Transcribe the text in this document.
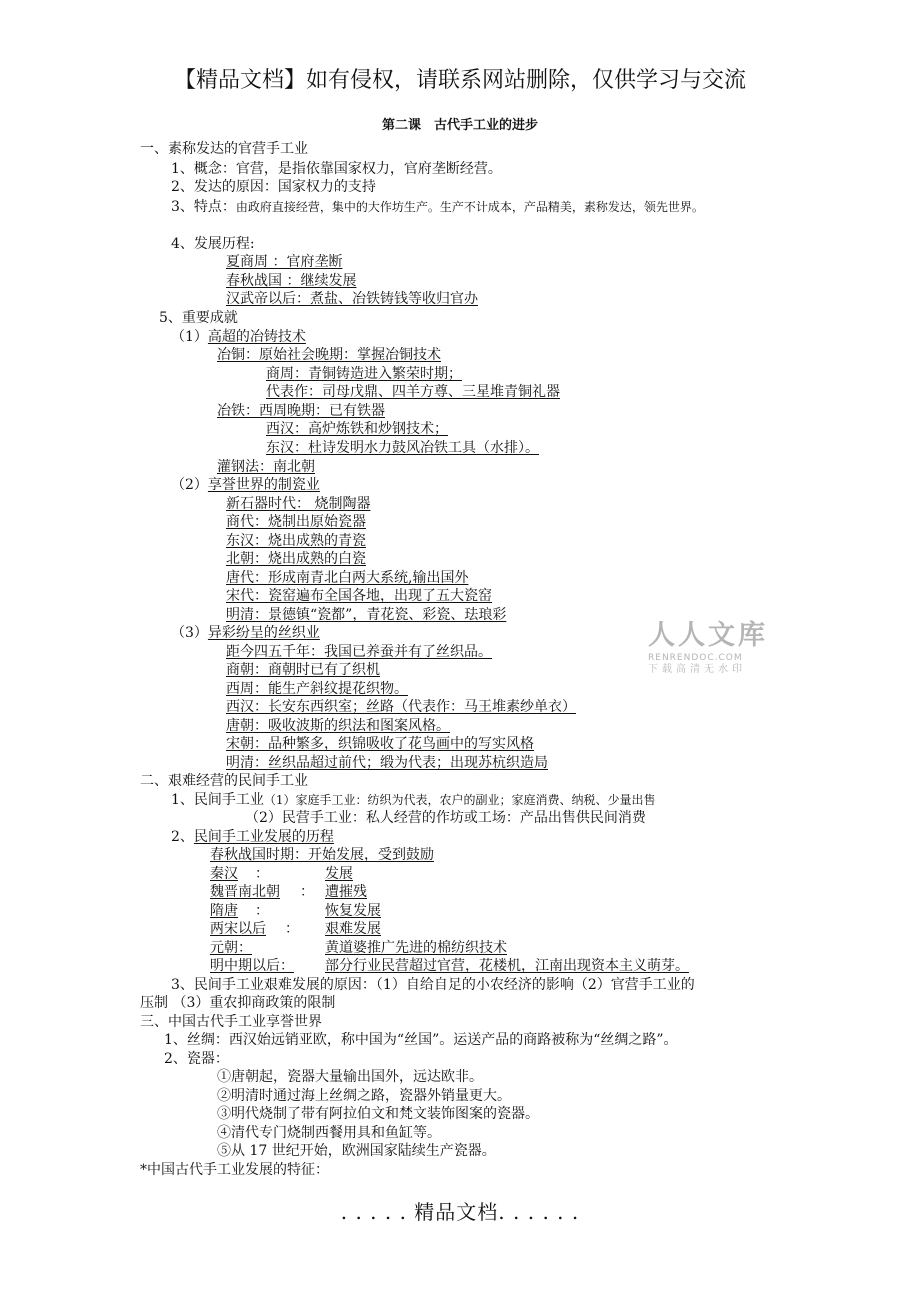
【精品文档】如有侵权，请联系网站删除，仅供学习与交流
第二课　古代手工业的进步
一、素称发达的官营手工业
1、概念：官营，是指依靠国家权力，官府垄断经营。
2、发达的原因：国家权力的支持
3、特点：由政府直接经营，集中的大作坊生产。生产不计成本，产品精美，素称发达，领先世界。
4、发展历程:
夏商周 ：官府垄断
春秋战国 ：继续发展
汉武帝以后：煮盐、冶铁铸钱等收归官办
5、重要成就
（1）高超的冶铸技术
冶铜：原始社会晚期：掌握冶铜技术
商周：青铜铸造进入繁荣时期；
代表作：司母戊鼎、四羊方尊、三星堆青铜礼器
冶铁：西周晚期：已有铁器
西汉：高炉炼铁和炒钢技术；
东汉：杜诗发明水力鼓风冶铁工具（水排）。
灌钢法：南北朝
（2）享誉世界的制瓷业
新石器时代： 烧制陶器
商代：烧制出原始瓷器
东汉：烧出成熟的青瓷
北朝：烧出成熟的白瓷
唐代：形成南青北白两大系统,输出国外
宋代：瓷窑遍布全国各地，出现了五大瓷窑
明清：景德镇“瓷都”，青花瓷、彩瓷、珐琅彩
（3）异彩纷呈的丝织业
距今四五千年：我国已养蚕并有了丝织品。
商朝：商朝时已有了织机
西周：能生产斜纹提花织物。
西汉：长安东西织室；丝路（代表作：马王堆素纱单衣）
唐朝：吸收波斯的织法和图案风格。
宋朝：品种繁多，织锦吸收了花鸟画中的写实风格
明清：丝织品超过前代；缎为代表；出现苏杭织造局
二、艰难经营的民间手工业
1、民间手工业（1）家庭手工业：纺织为代表，农户的副业；家庭消费、纳税、少量出售
（2）民营手工业：私人经营的作坊或工场：产品出售供民间消费
2、民间手工业发展的历程
春秋战国时期：开始发展，受到鼓励
秦汉 ：	发展
魏晋南北朝 ： 遭摧残
隋唐 ：	恢复发展
两宋以后 ： 艰难发展
元朝：	黄道婆推广先进的棉纺织技术
明中期以后： 部分行业民营超过官营，花楼机，江南出现资本主义萌芽。
3、民间手工业艰难发展的原因：（1）自给自足的小农经济的影响（2）官营手工业的
压制 （3）重农抑商政策的限制
三、中国古代手工业享誉世界
1、丝绸：西汉始远销亚欧，称中国为“丝国”。运送产品的商路被称为“丝绸之路”。
2、瓷器：
①唐朝起，瓷器大量输出国外，远达欧非。
②明清时通过海上丝绸之路，瓷器外销量更大。
③明代烧制了带有阿拉伯文和梵文装饰图案的瓷器。
④清代专门烧制西餐用具和鱼缸等。
⑤从 17 世纪开始，欧洲国家陆续生产瓷器。
*中国古代手工业发展的特征：
人人文库
RENRENDOC.COM
下载高清无水印
. . . . . 精品文档. . . . . .
